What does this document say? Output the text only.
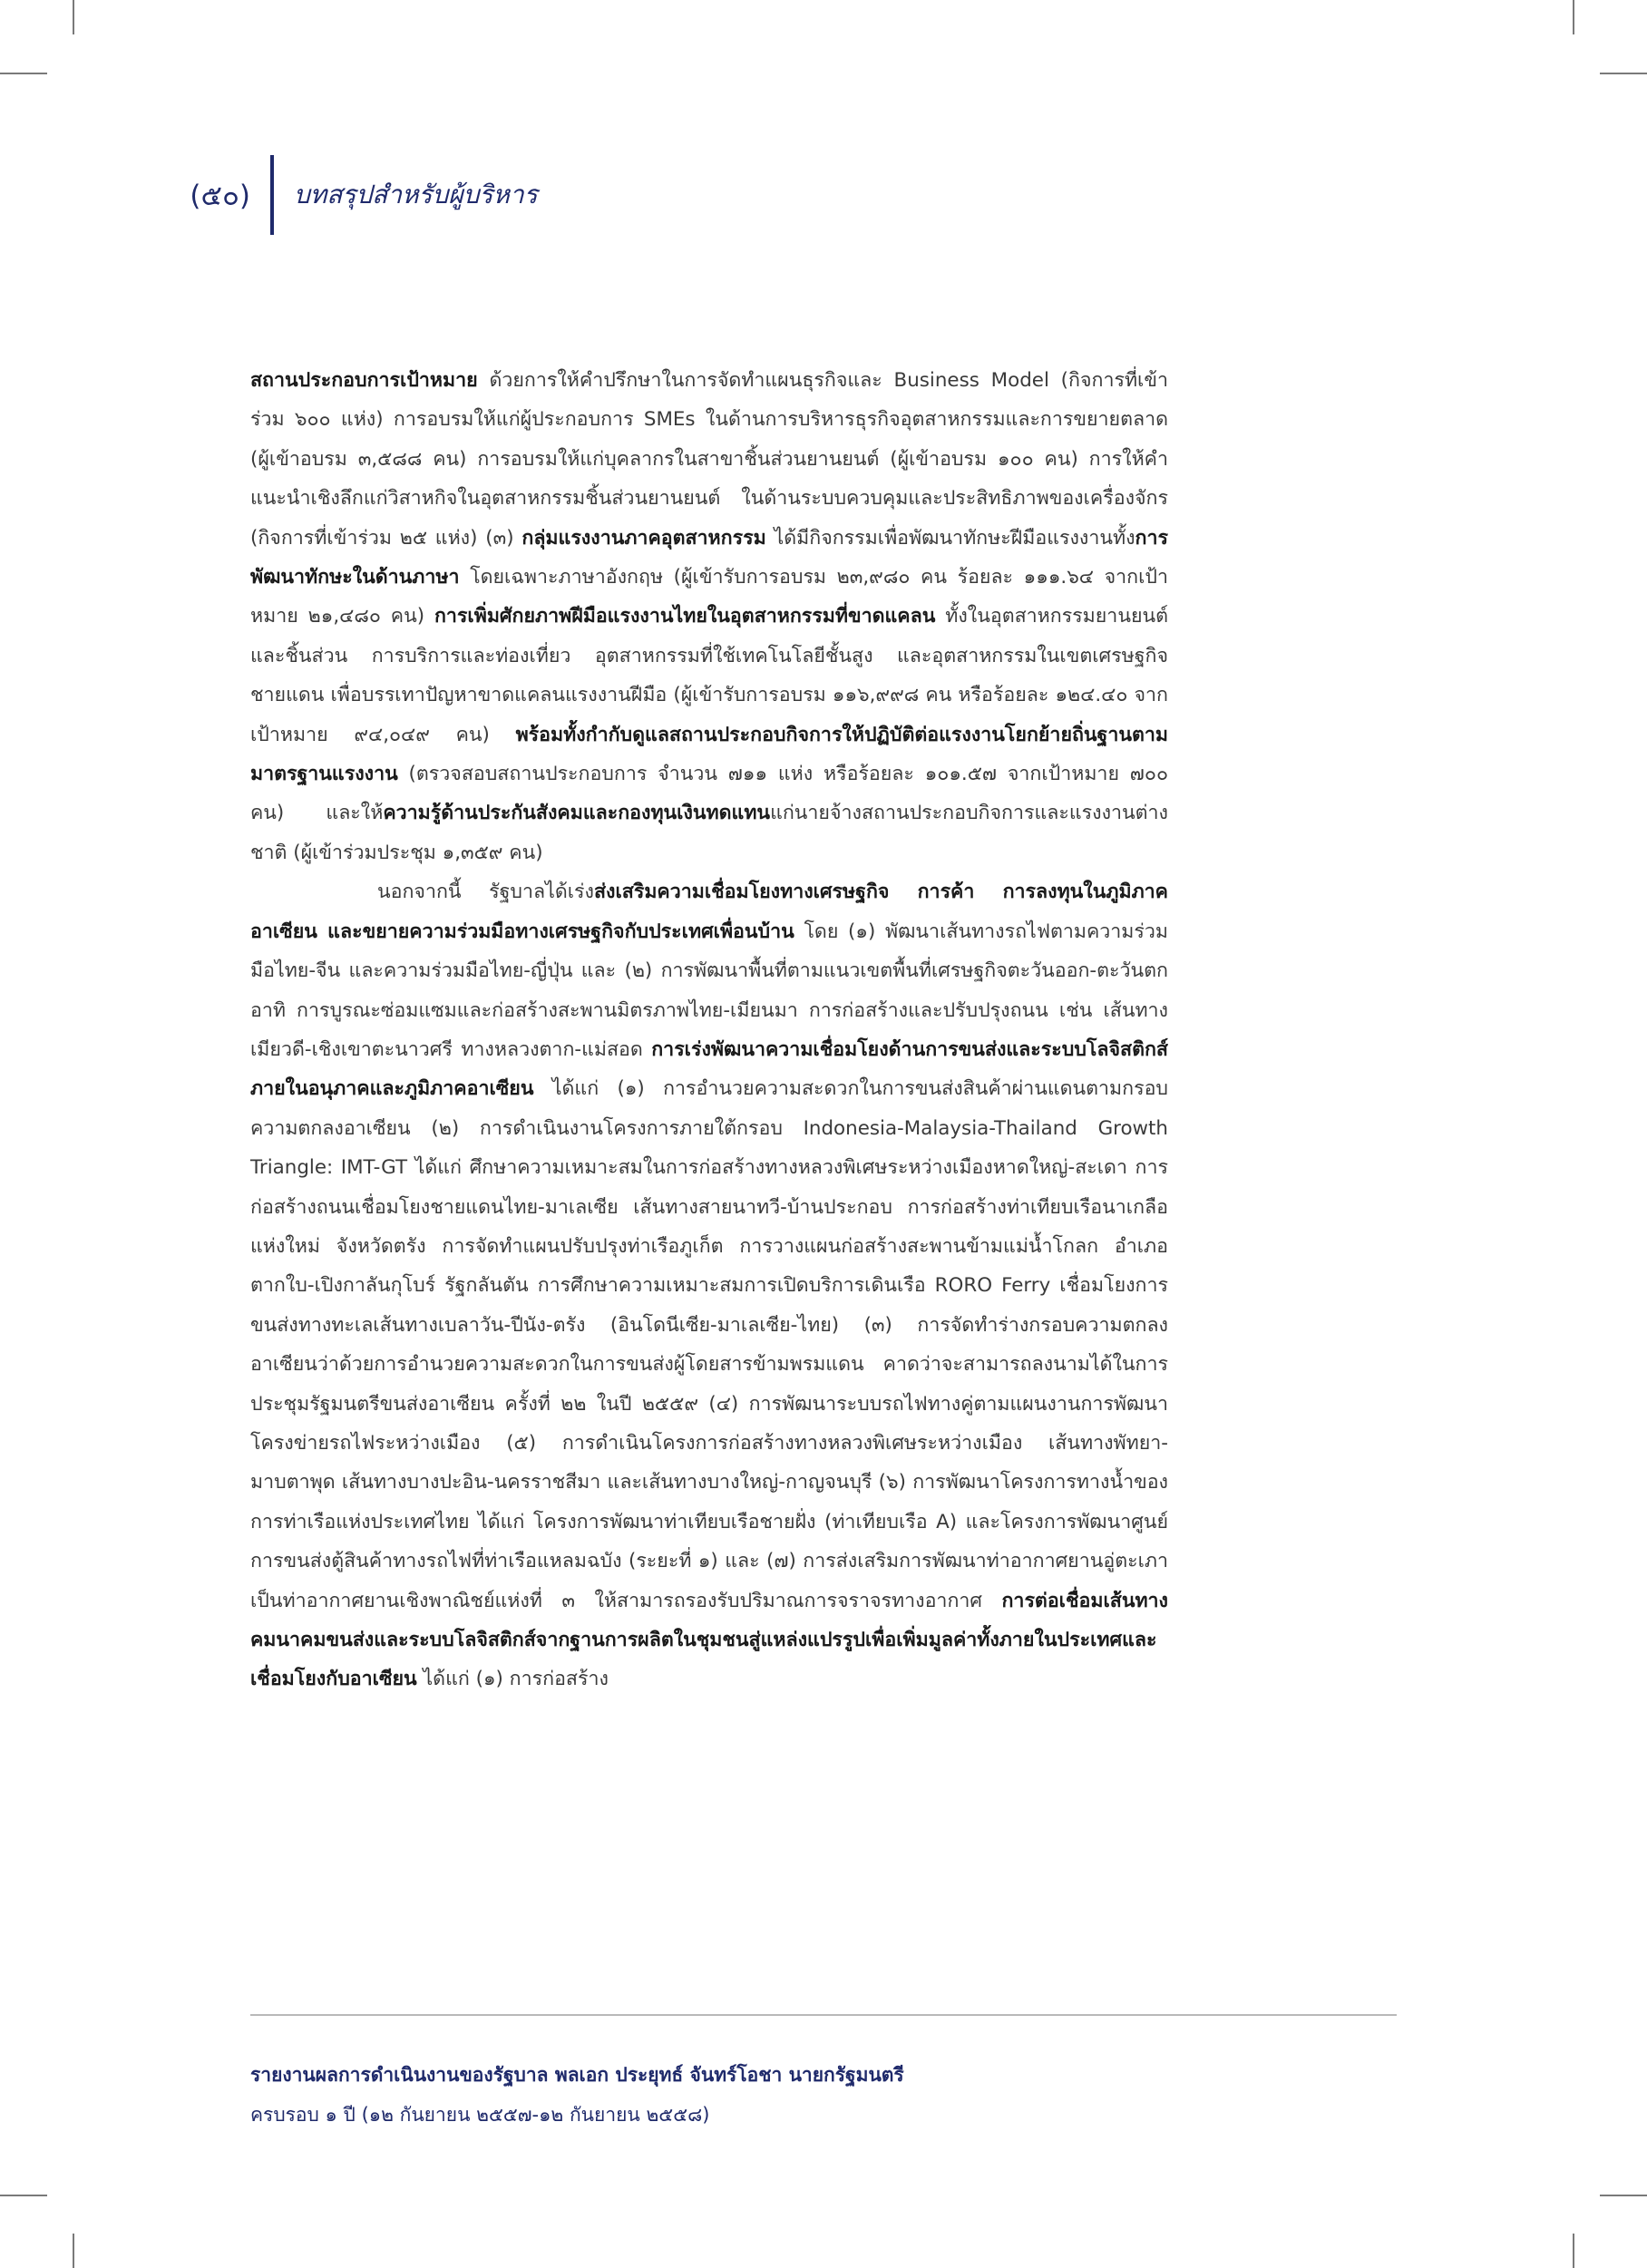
(๕๐) บทสรุปสำหรับผู้บริหาร

สถานประกอบการเป้าหมาย ด้วยการให้คำปรึกษาในการจัดทำแผนธุรกิจและ Business Model (กิจการที่เข้าร่วม ๖๐๐ แห่ง) การอบรมให้แก่ผู้ประกอบการ SMEs ในด้านการบริหารธุรกิจอุตสาหกรรมและการขยายตลาด (ผู้เข้าอบรม ๓,๕๘๘ คน) การอบรมให้แก่บุคลากรในสาขาชิ้นส่วนยานยนต์ (ผู้เข้าอบรม ๑๐๐ คน) การให้คำแนะนำเชิงลึกแก่วิสาหกิจในอุตสาหกรรมชิ้นส่วนยานยนต์ ในด้านระบบควบคุมและประสิทธิภาพของเครื่องจักร (กิจการที่เข้าร่วม ๒๕ แห่ง) (๓) กลุ่มแรงงานภาคอุตสาหกรรม ได้มีกิจกรรมเพื่อพัฒนาทักษะฝีมือแรงงานทั้งการพัฒนาทักษะในด้านภาษา โดยเฉพาะภาษาอังกฤษ (ผู้เข้ารับการอบรม ๒๓,๙๘๐ คน ร้อยละ ๑๑๑.๖๔ จากเป้าหมาย ๒๑,๔๘๐ คน) การเพิ่มศักยภาพฝีมือแรงงานไทยในอุตสาหกรรมที่ขาดแคลน ทั้งในอุตสาหกรรมยานยนต์และชิ้นส่วน การบริการและท่องเที่ยว อุตสาหกรรมที่ใช้เทคโนโลยีชั้นสูง และอุตสาหกรรมในเขตเศรษฐกิจชายแดน เพื่อบรรเทาปัญหาขาดแคลนแรงงานฝีมือ (ผู้เข้ารับการอบรม ๑๑๖,๙๙๘ คน หรือร้อยละ ๑๒๔.๔๐ จากเป้าหมาย ๙๔,๐๔๙ คน) พร้อมทั้งกำกับดูแลสถานประกอบกิจการให้ปฏิบัติต่อแรงงานโยกย้ายถิ่นฐานตามมาตรฐานแรงงาน (ตรวจสอบสถานประกอบการ จำนวน ๗๑๑ แห่ง หรือร้อยละ ๑๐๑.๕๗ จากเป้าหมาย ๗๐๐ คน) และให้ความรู้ด้านประกันสังคมและกองทุนเงินทดแทนแก่นายจ้างสถานประกอบกิจการและแรงงานต่างชาติ (ผู้เข้าร่วมประชุม ๑,๓๕๙ คน)

นอกจากนี้ รัฐบาลได้เร่งส่งเสริมความเชื่อมโยงทางเศรษฐกิจ การค้า การลงทุนในภูมิภาคอาเซียน และขยายความร่วมมือทางเศรษฐกิจกับประเทศเพื่อนบ้าน โดย (๑) พัฒนาเส้นทางรถไฟตามความร่วมมือไทย-จีน และความร่วมมือไทย-ญี่ปุ่น และ (๒) การพัฒนาพื้นที่ตามแนวเขตพื้นที่เศรษฐกิจตะวันออก-ตะวันตก อาทิ การบูรณะซ่อมแซมและก่อสร้างสะพานมิตรภาพไทย-เมียนมา การก่อสร้างและปรับปรุงถนน เช่น เส้นทางเมียวดี-เชิงเขาตะนาวศรี ทางหลวงตาก-แม่สอด การเร่งพัฒนาความเชื่อมโยงด้านการขนส่งและระบบโลจิสติกส์ภายในอนุภาคและภูมิภาคอาเซียน ได้แก่ (๑) การอำนวยความสะดวกในการขนส่งสินค้าผ่านแดนตามกรอบความตกลงอาเซียน (๒) การดำเนินงานโครงการภายใต้กรอบ Indonesia-Malaysia-Thailand Growth Triangle: IMT-GT ได้แก่ ศึกษาความเหมาะสมในการก่อสร้างทางหลวงพิเศษระหว่างเมืองหาดใหญ่-สะเดา การก่อสร้างถนนเชื่อมโยงชายแดนไทย-มาเลเซีย เส้นทางสายนาทวี-บ้านประกอบ การก่อสร้างท่าเทียบเรือนาเกลือแห่งใหม่ จังหวัดตรัง การจัดทำแผนปรับปรุงท่าเรือภูเก็ต การวางแผนก่อสร้างสะพานข้ามแม่น้ำโกลก อำเภอตากใบ-เปิงกาลันกุโบร์ รัฐกลันตัน การศึกษาความเหมาะสมการเปิดบริการเดินเรือ RORO Ferry เชื่อมโยงการขนส่งทางทะเลเส้นทางเบลาวัน-ปีนัง-ตรัง (อินโดนีเซีย-มาเลเซีย-ไทย) (๓) การจัดทำร่างกรอบความตกลงอาเซียนว่าด้วยการอำนวยความสะดวกในการขนส่งผู้โดยสารข้ามพรมแดน คาดว่าจะสามารถลงนามได้ในการประชุมรัฐมนตรีขนส่งอาเซียน ครั้งที่ ๒๒ ในปี ๒๕๕๙ (๔) การพัฒนาระบบรถไฟทางคู่ตามแผนงานการพัฒนาโครงข่ายรถไฟระหว่างเมือง (๕) การดำเนินโครงการก่อสร้างทางหลวงพิเศษระหว่างเมือง เส้นทางพัทยา-มาบตาพุด เส้นทางบางปะอิน-นครราชสีมา และเส้นทางบางใหญ่-กาญจนบุรี (๖) การพัฒนาโครงการทางน้ำของการท่าเรือแห่งประเทศไทย ได้แก่ โครงการพัฒนาท่าเทียบเรือชายฝั่ง (ท่าเทียบเรือ A) และโครงการพัฒนาศูนย์การขนส่งตู้สินค้าทางรถไฟที่ท่าเรือแหลมฉบัง (ระยะที่ ๑) และ (๗) การส่งเสริมการพัฒนาท่าอากาศยานอู่ตะเภาเป็นท่าอากาศยานเชิงพาณิชย์แห่งที่ ๓ ให้สามารถรองรับปริมาณการจราจรทางอากาศ การต่อเชื่อมเส้นทางคมนาคมขนส่งและระบบโลจิสติกส์จากฐานการผลิตในชุมชนสู่แหล่งแปรรูปเพื่อเพิ่มมูลค่าทั้งภายในประเทศและเชื่อมโยงกับอาเซียน ได้แก่ (๑) การก่อสร้าง

รายงานผลการดำเนินงานของรัฐบาล พลเอก ประยุทธ์ จันทร์โอชา นายกรัฐมนตรี

ครบรอบ ๑ ปี (๑๒ กันยายน ๒๕๕๗-๑๒ กันยายน ๒๕๕๘)
